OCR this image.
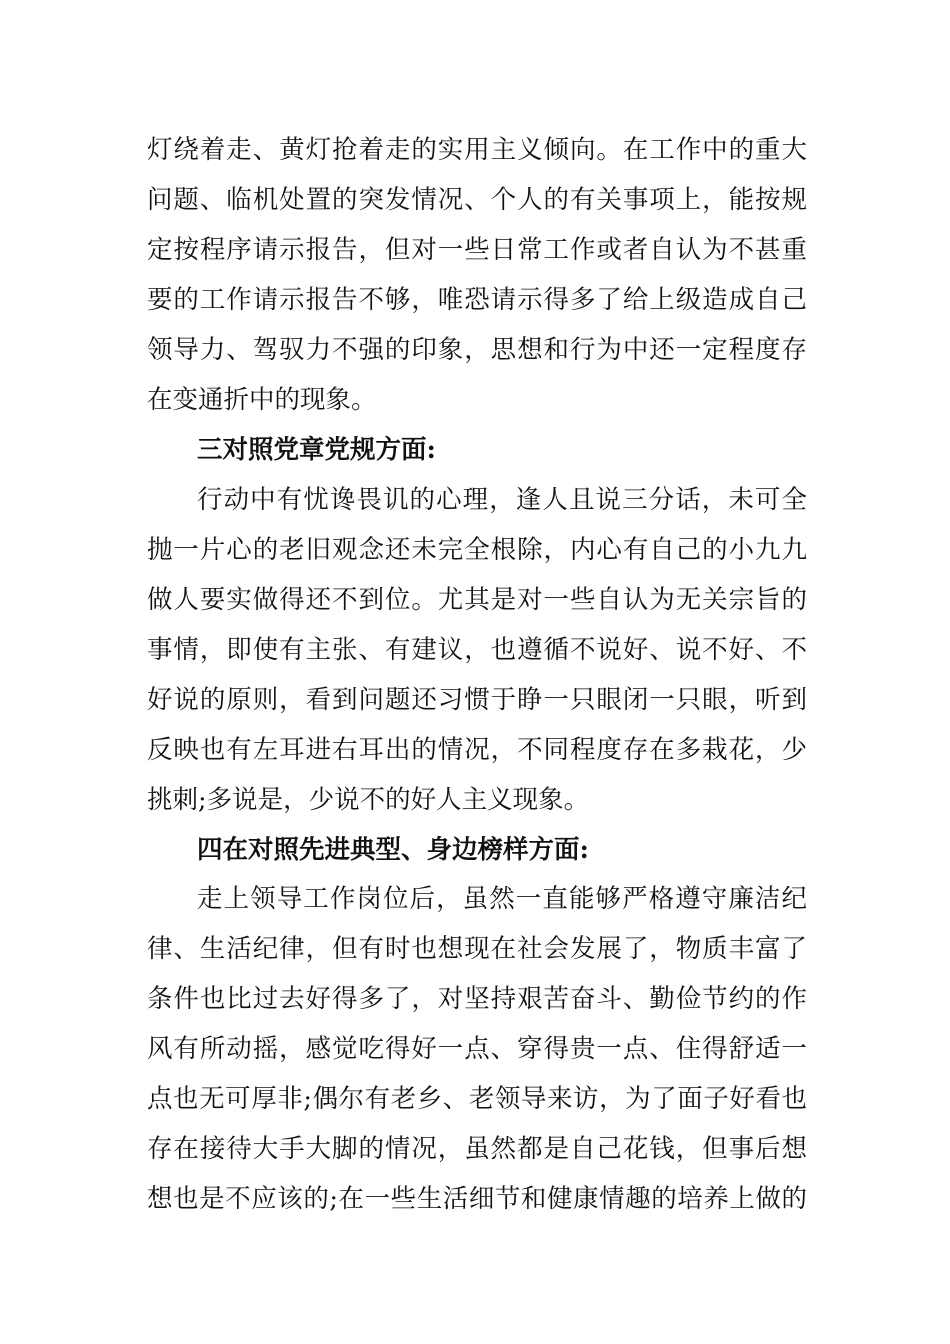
灯绕着走、黄灯抢着走的实用主义倾向。在工作中的重大
问题、临机处置的突发情况、个人的有关事项上，能按规
定按程序请示报告，但对一些日常工作或者自认为不甚重
要的工作请示报告不够，唯恐请示得多了给上级造成自己
领导力、驾驭力不强的印象，思想和行为中还一定程度存
在变通折中的现象。
三对照党章党规方面:
行动中有忧谗畏讥的心理，逢人且说三分话，未可全
抛一片心的老旧观念还未完全根除，内心有自己的小九九
做人要实做得还不到位。尤其是对一些自认为无关宗旨的
事情，即使有主张、有建议，也遵循不说好、说不好、不
好说的原则，看到问题还习惯于睁一只眼闭一只眼，听到
反映也有左耳进右耳出的情况，不同程度存在多栽花，少
挑刺;多说是，少说不的好人主义现象。
四在对照先进典型、身边榜样方面:
走上领导工作岗位后，虽然一直能够严格遵守廉洁纪
律、生活纪律，但有时也想现在社会发展了，物质丰富了
条件也比过去好得多了，对坚持艰苦奋斗、勤俭节约的作
风有所动摇，感觉吃得好一点、穿得贵一点、住得舒适一
点也无可厚非;偶尔有老乡、老领导来访，为了面子好看也
存在接待大手大脚的情况，虽然都是自己花钱，但事后想
想也是不应该的;在一些生活细节和健康情趣的培养上做的
